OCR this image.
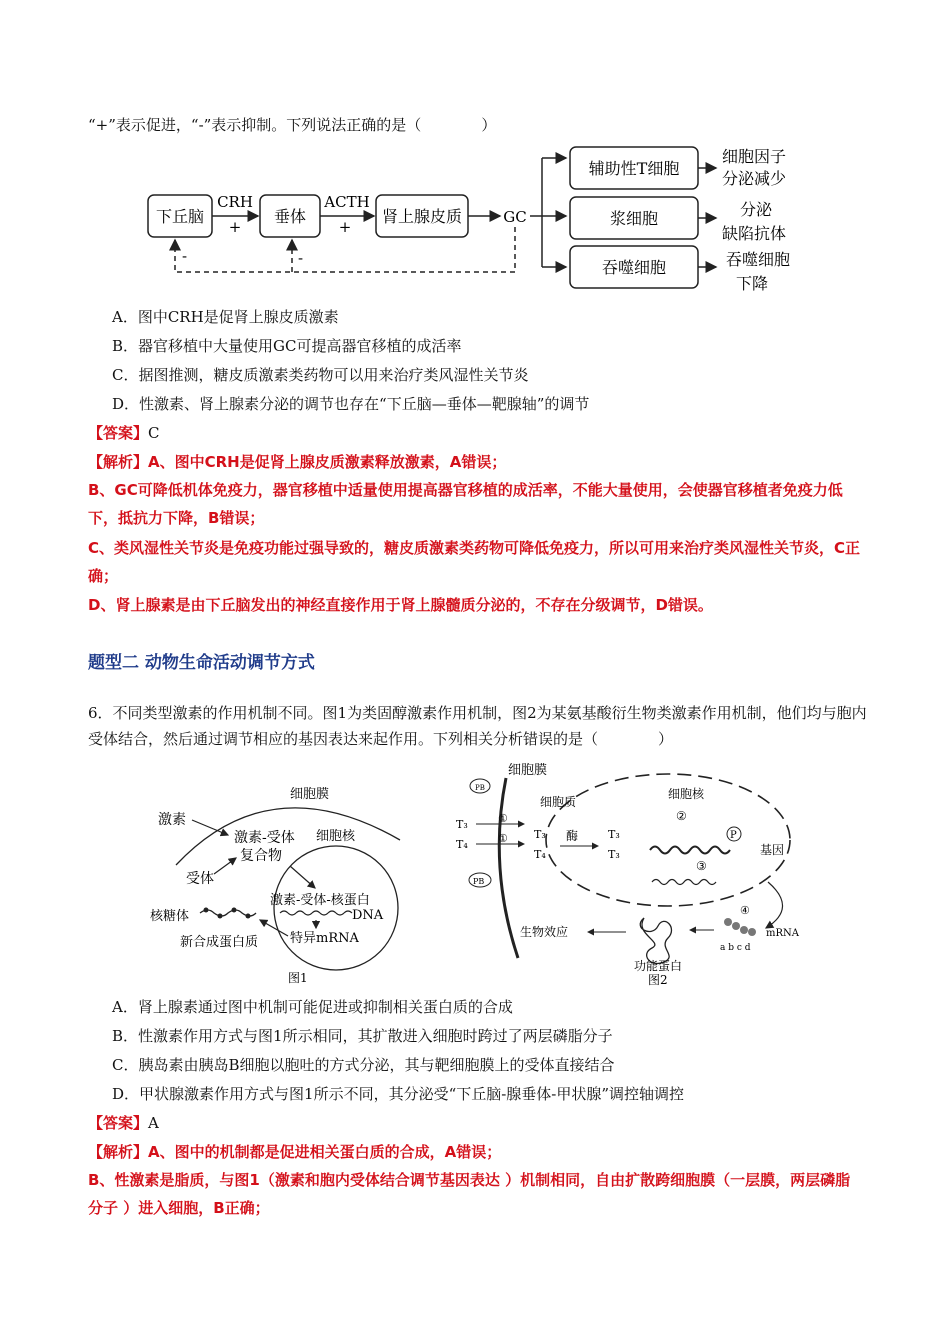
“+”表示促进，“-”表示抑制。下列说法正确的是（　　　　）
下丘脑
CRH
+
垂体
ACTH
+
肾上腺皮质	GC
辅助性T细胞
浆细胞
吞噬细胞
细胞因子
分泌减少
分泌
缺陷抗体
吞噬细胞
下降
-	-
A．图中CRH是促肾上腺皮质激素
B．器官移植中大量使用GC可提高器官移植的成活率
C．据图推测，糖皮质激素类药物可以用来治疗类风湿性关节炎
D．性激素、肾上腺素分泌的调节也存在“下丘脑—垂体—靶腺轴”的调节
【答案】C
【解析】A、图中CRH是促肾上腺皮质激素释放激素，A错误；
B、GC可降低机体免疫力，器官移植中适量使用提高器官移植的成活率，不能大量使用，会使器官移植者免疫力低下，抵抗力下降，B错误；
C、类风湿性关节炎是免疫功能过强导致的，糖皮质激素类药物可降低免疫力，所以可用来治疗类风湿性关节炎，C正确；
D、肾上腺素是由下丘脑发出的神经直接作用于肾上腺髓质分泌的，不存在分级调节，D错误。
题型二 动物生命活动调节方式
6．不同类型激素的作用机制不同。图1为类固醇激素作用机制，图2为某氨基酸衍生物类激素作用机制，他们均与胞内受体结合，然后通过调节相应的基因表达来起作用。下列相关分析错误的是（　　　　）
细胞膜
细胞核
激素
激素-受体
复合物
受体
激素-受体-核蛋白
DNA
特异mRNA
核糖体
新合成蛋白质
图1
细胞膜
细胞质
细胞核
PB
PB
T₃
T₄
①
① T₃
T₄
酶	T₃
T₃
②
P
基因
③
mRNA
④
a b c d
功能蛋白
生物效应
图2
A．肾上腺素通过图中机制可能促进或抑制相关蛋白质的合成
B．性激素作用方式与图1所示相同，其扩散进入细胞时跨过了两层磷脂分子
C．胰岛素由胰岛B细胞以胞吐的方式分泌，其与靶细胞膜上的受体直接结合
D．甲状腺激素作用方式与图1所示不同，其分泌受“下丘脑-腺垂体-甲状腺”调控轴调控
【答案】A
【解析】A、图中的机制都是促进相关蛋白质的合成，A错误；
B、性激素是脂质，与图1（激素和胞内受体结合调节基因表达 ）机制相同，自由扩散跨细胞膜（一层膜，两层磷脂分子 ）进入细胞，B正确；
